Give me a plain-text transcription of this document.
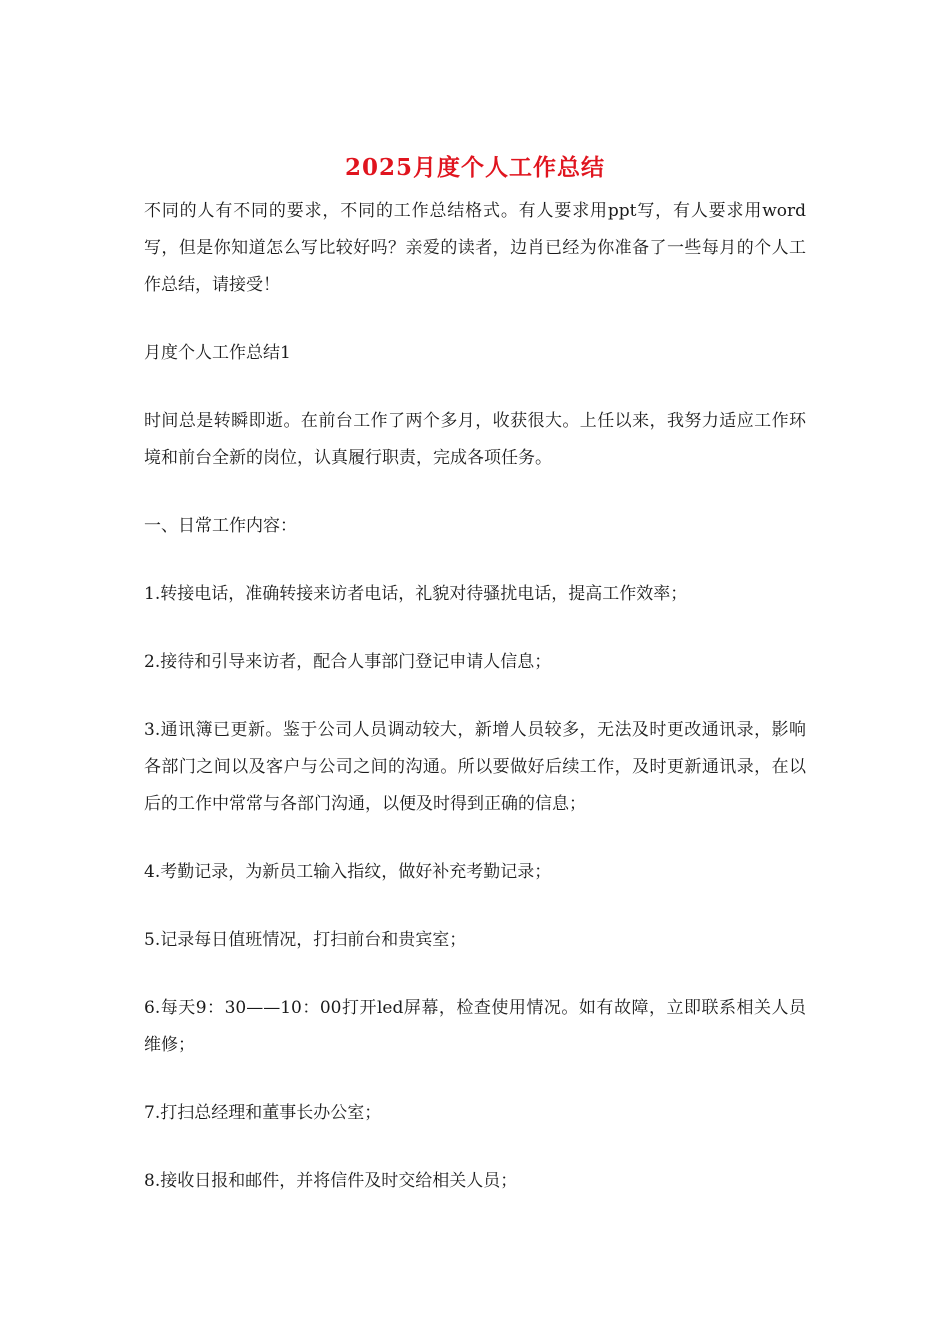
2025月度个人工作总结

不同的人有不同的要求，不同的工作总结格式。有人要求用ppt写，有人要求用word写，但是你知道怎么写比较好吗？亲爱的读者，边肖已经为你准备了一些每月的个人工作总结，请接受！

月度个人工作总结1

时间总是转瞬即逝。在前台工作了两个多月，收获很大。上任以来，我努力适应工作环境和前台全新的岗位，认真履行职责，完成各项任务。

一、日常工作内容：

1.转接电话，准确转接来访者电话，礼貌对待骚扰电话，提高工作效率；

2.接待和引导来访者，配合人事部门登记申请人信息；

3.通讯簿已更新。鉴于公司人员调动较大，新增人员较多，无法及时更改通讯录，影响各部门之间以及客户与公司之间的沟通。所以要做好后续工作，及时更新通讯录，在以后的工作中常常与各部门沟通，以便及时得到正确的信息；

4.考勤记录，为新员工输入指纹，做好补充考勤记录；

5.记录每日值班情况，打扫前台和贵宾室；

6.每天9：30——10：00打开led屏幕，检查使用情况。如有故障，立即联系相关人员维修；

7.打扫总经理和董事长办公室；

8.接收日报和邮件，并将信件及时交给相关人员；
